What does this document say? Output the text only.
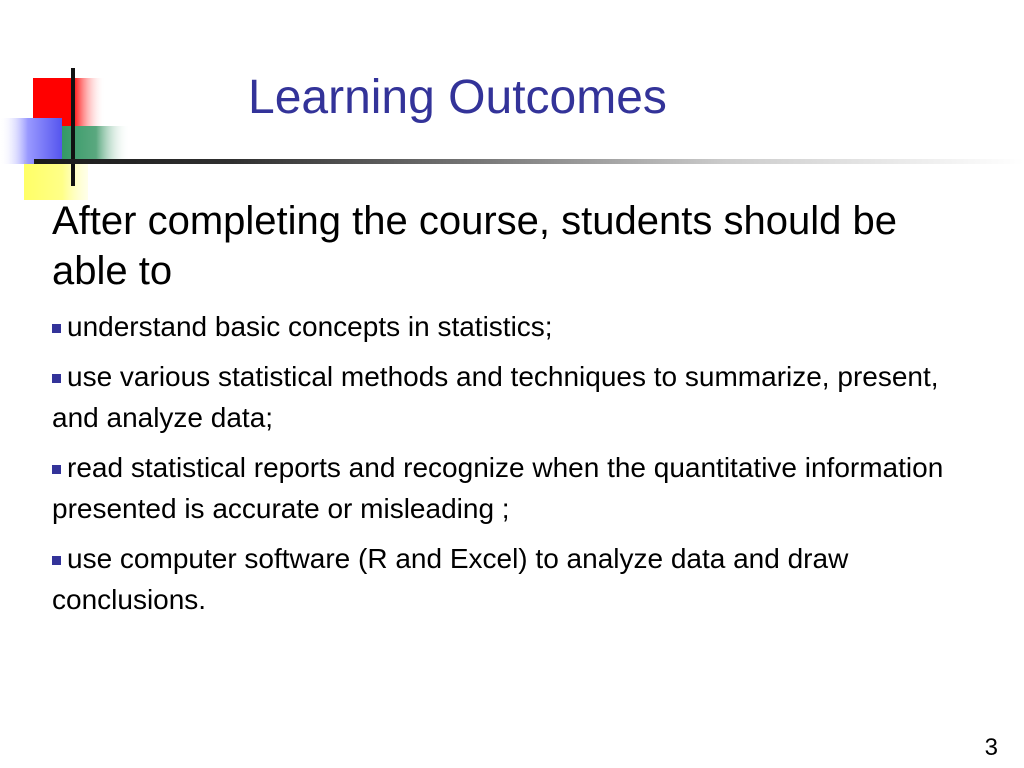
Learning Outcomes

After completing the course, students should be able to

understand basic concepts in statistics;

use various statistical methods and techniques to summarize, present, and analyze data;

read statistical reports and recognize when the quantitative information presented is accurate or misleading ;

use computer software (R and Excel) to analyze data and draw conclusions.

3
